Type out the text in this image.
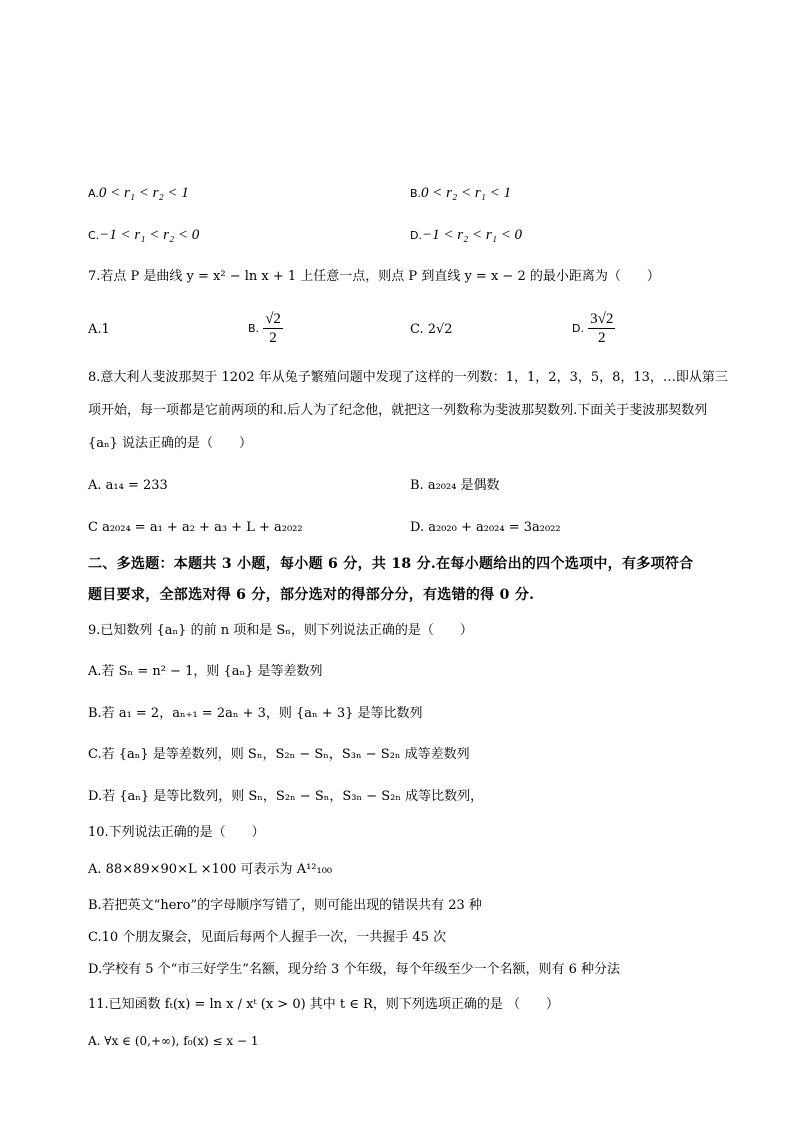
A.0 < r₁ < r₂ < 1	B.0 < r₂ < r₁ < 1
C.−1 < r₁ < r₂ < 0	D.−1 < r₂ < r₁ < 0
7.若点 P 是曲线 y = x² − ln x + 1 上任意一点，则点 P 到直线 y = x − 2 的最小距离为（　　）
A.1	B. $\frac{√2}{2}$	C. 2√2	D. $\frac{3√2}{2}$
8.意大利人斐波那契于 1202 年从兔子繁殖问题中发现了这样的一列数：1，1，2，3，5，8，13，…即从第三
项开始，每一项都是它前两项的和.后人为了纪念他，就把这一列数称为斐波那契数列.下面关于斐波那契数列
{aₙ} 说法正确的是（　　）
A. a₁₄ = 233	B. a₂₀₂₄ 是偶数
C a₂₀₂₄ = a₁ + a₂ + a₃ + L + a₂₀₂₂	D. a₂₀₂₀ + a₂₀₂₄ = 3a₂₀₂₂
二、多选题：本题共 3 小题，每小题 6 分，共 18 分.在每小题给出的四个选项中，有多项符合
题目要求，全部选对得 6 分，部分选对的得部分分，有选错的得 0 分.
9.已知数列 {aₙ} 的前 n 项和是 Sₙ，则下列说法正确的是（　　）
A.若 Sₙ = n² − 1，则 {aₙ} 是等差数列
B.若 a₁ = 2，aₙ₊₁ = 2aₙ + 3，则 {aₙ + 3} 是等比数列
C.若 {aₙ} 是等差数列，则 Sₙ，S₂ₙ − Sₙ，S₃ₙ − S₂ₙ 成等差数列
D.若 {aₙ} 是等比数列，则 Sₙ，S₂ₙ − Sₙ，S₃ₙ − S₂ₙ 成等比数列，
10.下列说法正确的是（　　）
A. 88×89×90×L ×100 可表示为 A¹²₁₀₀
B.若把英文“hero”的字母顺序写错了，则可能出现的错误共有 23 种
C.10 个朋友聚会，见面后每两个人握手一次，一共握手 45 次
D.学校有 5 个“市三好学生”名额，现分给 3 个年级，每个年级至少一个名额，则有 6 种分法
11.已知函数 fₜ(x) = ln x / xᵗ (x > 0) 其中 t ∈ R，则下列选项正确的是 （　　）
A. ∀x ∈ (0,+∞), f₀(x) ≤ x − 1
